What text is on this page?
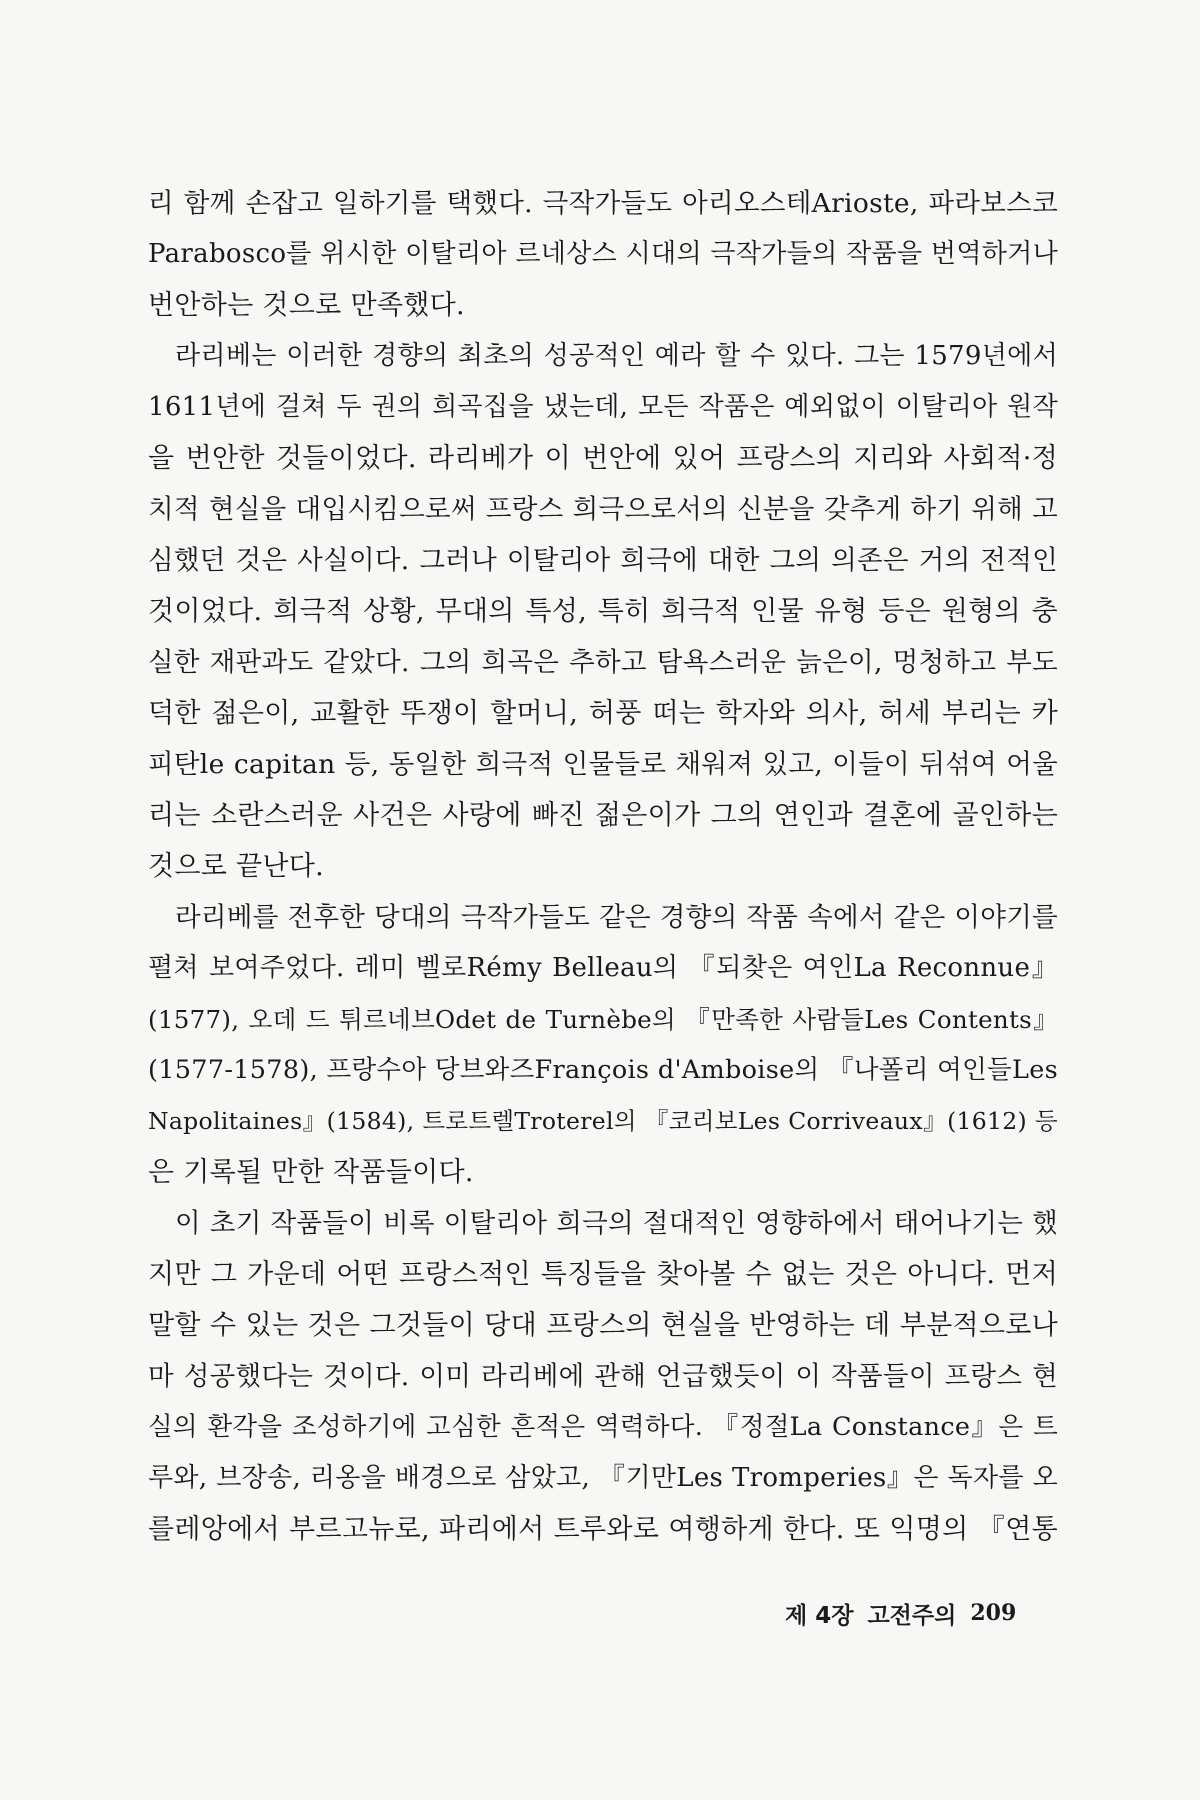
리 함께 손잡고 일하기를 택했다. 극작가들도 아리오스테Arioste, 파라보스코
Parabosco를 위시한 이탈리아 르네상스 시대의 극작가들의 작품을 번역하거나
번안하는 것으로 만족했다.
라리베는 이러한 경향의 최초의 성공적인 예라 할 수 있다. 그는 1579년에서
1611년에 걸쳐 두 권의 희곡집을 냈는데, 모든 작품은 예외없이 이탈리아 원작
을 번안한 것들이었다. 라리베가 이 번안에 있어 프랑스의 지리와 사회적·정
치적 현실을 대입시킴으로써 프랑스 희극으로서의 신분을 갖추게 하기 위해 고
심했던 것은 사실이다. 그러나 이탈리아 희극에 대한 그의 의존은 거의 전적인
것이었다. 희극적 상황, 무대의 특성, 특히 희극적 인물 유형 등은 원형의 충
실한 재판과도 같았다. 그의 희곡은 추하고 탐욕스러운 늙은이, 멍청하고 부도
덕한 젊은이, 교활한 뚜쟁이 할머니, 허풍 떠는 학자와 의사, 허세 부리는 카
피탄le capitan 등, 동일한 희극적 인물들로 채워져 있고, 이들이 뒤섞여 어울
리는 소란스러운 사건은 사랑에 빠진 젊은이가 그의 연인과 결혼에 골인하는
것으로 끝난다.
라리베를 전후한 당대의 극작가들도 같은 경향의 작품 속에서 같은 이야기를
펼쳐 보여주었다. 레미 벨로Rémy Belleau의 『되찾은 여인La Reconnue』
(1577), 오데 드 튀르네브Odet de Turnèbe의 『만족한 사람들Les Contents』
(1577-1578), 프랑수아 당브와즈François d'Amboise의 『나폴리 여인들Les
Napolitaines』(1584), 트로트렐Troterel의 『코리보Les Corriveaux』(1612) 등
은 기록될 만한 작품들이다.
이 초기 작품들이 비록 이탈리아 희극의 절대적인 영향하에서 태어나기는 했
지만 그 가운데 어떤 프랑스적인 특징들을 찾아볼 수 없는 것은 아니다. 먼저
말할 수 있는 것은 그것들이 당대 프랑스의 현실을 반영하는 데 부분적으로나
마 성공했다는 것이다. 이미 라리베에 관해 언급했듯이 이 작품들이 프랑스 현
실의 환각을 조성하기에 고심한 흔적은 역력하다. 『정절La Constance』은 트
루와, 브장송, 리옹을 배경으로 삼았고, 『기만Les Tromperies』은 독자를 오
를레앙에서 부르고뉴로, 파리에서 트루와로 여행하게 한다. 또 익명의 『연통
제 4장 고전주의 209
